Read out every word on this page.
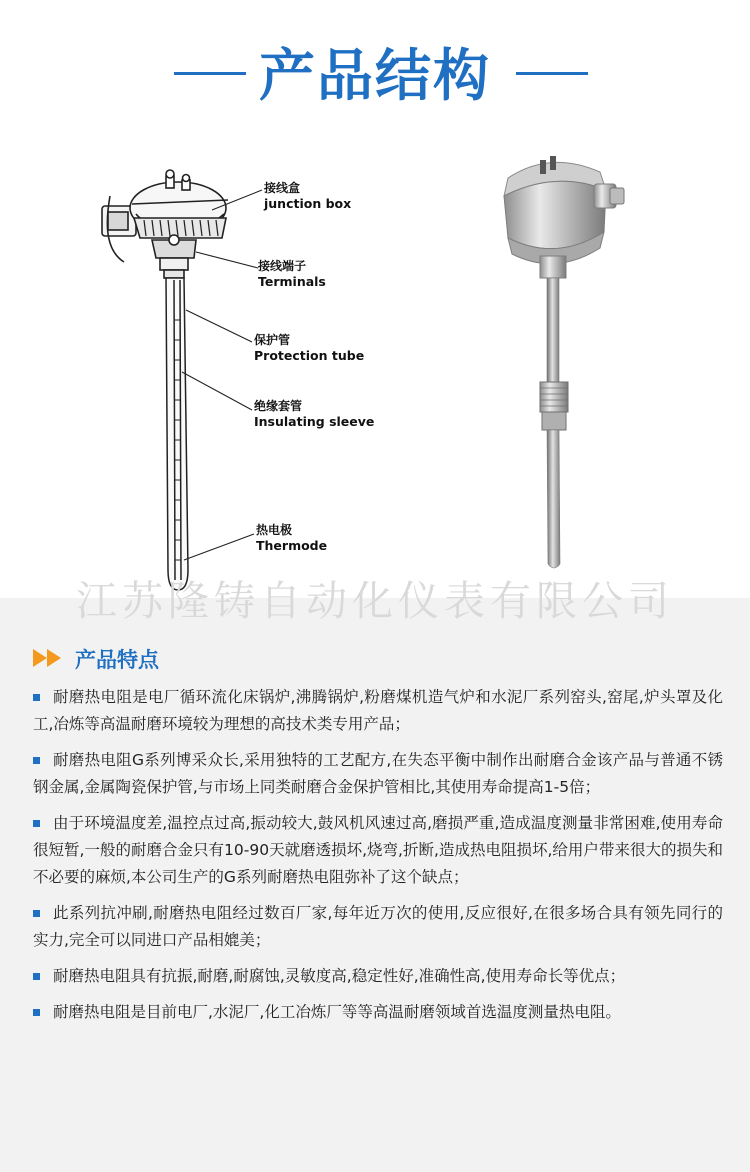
产品结构
接线盒
junction box
接线端子
Terminals
保护管
Protection tube
绝缘套管
Insulating sleeve
热电极
Thermode
产品特点

耐磨热电阻是电厂循环流化床锅炉,沸腾锅炉,粉磨煤机造气炉和水泥厂系列窑头,窑尾,炉头罩及化工,冶炼等高温耐磨环境较为理想的高技术类专用产品；

耐磨热电阻G系列博采众长,采用独特的工艺配方,在失态平衡中制作出耐磨合金该产品与普通不锈钢金属,金属陶瓷保护管,与市场上同类耐磨合金保护管相比,其使用寿命提高1-5倍；

由于环境温度差,温控点过高,振动较大,鼓风机风速过高,磨损严重,造成温度测量非常困难,使用寿命很短暂,一般的耐磨合金只有10-90天就磨透损坏,烧弯,折断,造成热电阻损坏,给用户带来很大的损失和不必要的麻烦,本公司生产的G系列耐磨热电阻弥补了这个缺点；

此系列抗冲刷,耐磨热电阻经过数百厂家,每年近万次的使用,反应很好,在很多场合具有领先同行的实力,完全可以同进口产品相媲美；

耐磨热电阻具有抗振,耐磨,耐腐蚀,灵敏度高,稳定性好,准确性高,使用寿命长等优点；

耐磨热电阻是目前电厂,水泥厂,化工冶炼厂等等高温耐磨领域首选温度测量热电阻。

江苏隆铸自动化仪表有限公司
